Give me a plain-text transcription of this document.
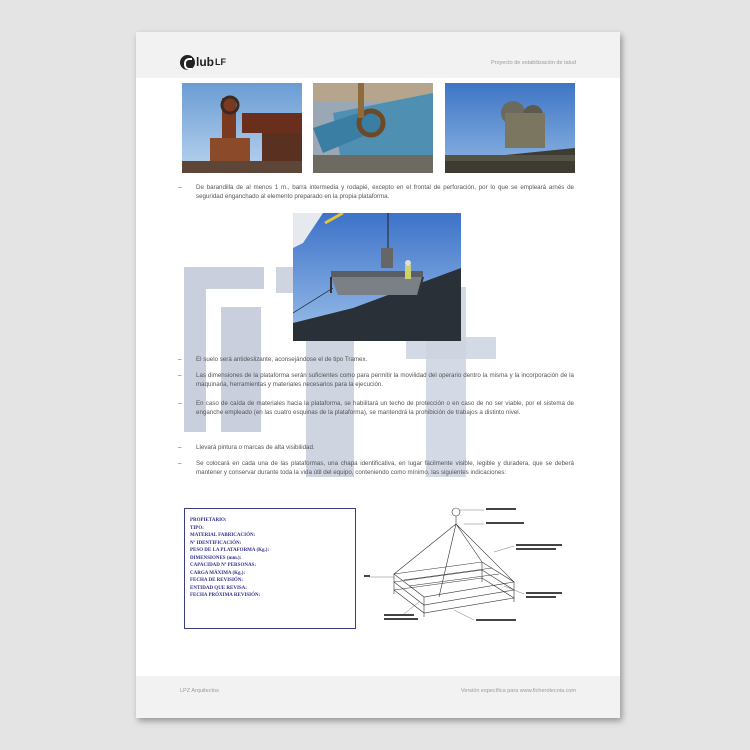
lub LF	Proyecto de estabilización de talud
– De barandilla de al menos 1 m., barra intermedia y rodapié, excepto en el frontal de perforación, por lo que se empleará arnés de seguridad enganchado al elemento preparado en la propia plataforma.
– El suelo será antideslizante, aconsejándose el de tipo Tramex.
– Las dimensiones de la plataforma serán suficientes como para permitir la movilidad del operario dentro la misma y la incorporación de la maquinaria, herramientas y materiales necesarios para la ejecución.
– En caso de caída de materiales hacia la plataforma, se habilitará un techo de protección o en caso de no ser viable, por el sistema de enganche empleado (en las cuatro esquinas de la plataforma), se mantendrá la prohibición de trabajos a distinto nivel.
– Llevará pintura o marcas de alta visibilidad.
– Se colocará en cada una de las plataformas, una chapa identificativa, en lugar fácilmente visible, legible y duradera, que se deberá mantener y conservar durante toda la vida útil del equipo, conteniendo como mínimo, las siguientes indicaciones:
PROPIETARIO:
TIPO:
MATERIAL FABRICACIÓN:
Nº IDENTIFICACIÓN:
PESO DE LA PLATAFORMA (Kg.):
DIMENSIONES (mm.):
CAPACIDAD Nº PERSONAS:
CARGA MÁXIMA (Kg.):
FECHA DE REVISIÓN:
ENTIDAD QUE REVISA:
FECHA PRÓXIMA REVISIÓN:
LPZ Arquitectos	Versión específica para www.ficherotecnia.com
